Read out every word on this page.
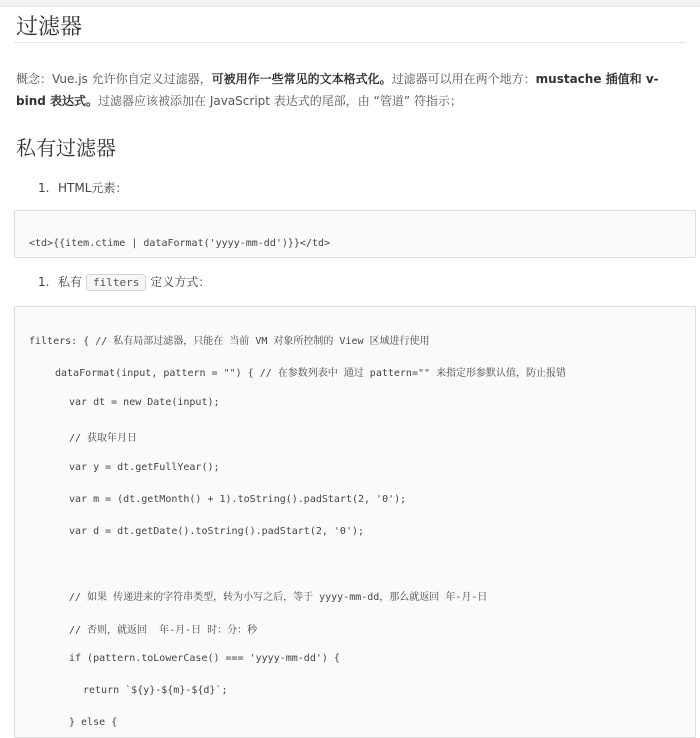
过滤器
概念：Vue.js 允许你自定义过滤器，可被用作一些常见的文本格式化。过滤器可以用在两个地方：mustache 插值和 v-bind 表达式。过滤器应该被添加在 JavaScript 表达式的尾部，由 “管道” 符指示；
私有过滤器
1. HTML元素：
<td>{{item.ctime | dataFormat('yyyy-mm-dd')}}</td>
1. 私有 filters 定义方式：
filters: { // 私有局部过滤器，只能在 当前 VM 对象所控制的 View 区域进行使用
dataFormat(input, pattern = "") { // 在参数列表中 通过 pattern="" 来指定形参默认值，防止报错
var dt = new Date(input);
// 获取年月日
var y = dt.getFullYear();
var m = (dt.getMonth() + 1).toString().padStart(2, '0');
var d = dt.getDate().toString().padStart(2, '0');
// 如果 传递进来的字符串类型，转为小写之后，等于 yyyy-mm-dd，那么就返回 年-月-日
// 否则，就返回  年-月-日 时：分：秒
if (pattern.toLowerCase() === 'yyyy-mm-dd') {
return `${y}-${m}-${d}`;
} else {
